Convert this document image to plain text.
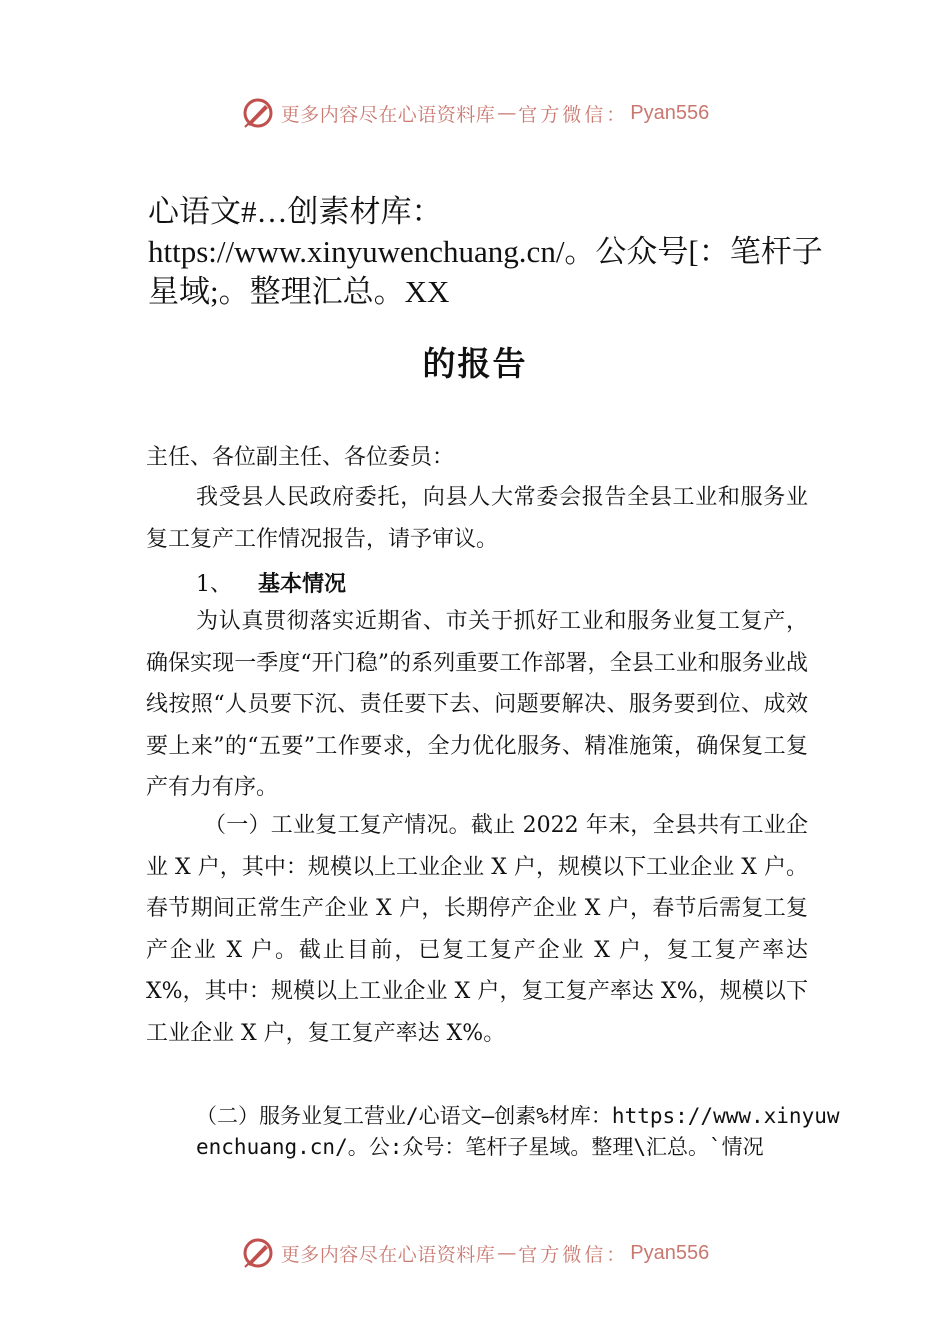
更多内容尽在心语资料库 — 官方微信： Pyan556
心语文#…创素材库：https://www.xinyuwenchuang.cn/。公众号[：笔杆子星域;。整理汇总。XX
的报告
主任、各位副主任、各位委员：
我受县人民政府委托，向县人大常委会报告全县工业和服务业复工复产工作情况报告，请予审议。
1、 基本情况
为认真贯彻落实近期省、市关于抓好工业和服务业复工复产，确保实现一季度“开门稳”的系列重要工作部署，全县工业和服务业战线按照“人员要下沉、责任要下去、问题要解决、服务要到位、成效要上来”的“五要”工作要求，全力优化服务、精准施策，确保复工复产有力有序。
（一）工业复工复产情况。截止 2022 年末，全县共有工业企业 X 户，其中：规模以上工业企业 X 户，规模以下工业企业 X 户。春节期间正常生产企业 X 户，长期停产企业 X 户，春节后需复工复产企业 X 户。截止目前，已复工复产企业 X 户，复工复产率达 X%，其中：规模以上工业企业 X 户，复工复产率达 X%，规模以下工业企业 X 户，复工复产率达 X%。
（二）服务业复工营业/心语文—创素%材库：https://www.xinyuwenchuang.cn/。公:众号：笔杆子星域。整理\汇总。`情况
更多内容尽在心语资料库 — 官方微信： Pyan556
